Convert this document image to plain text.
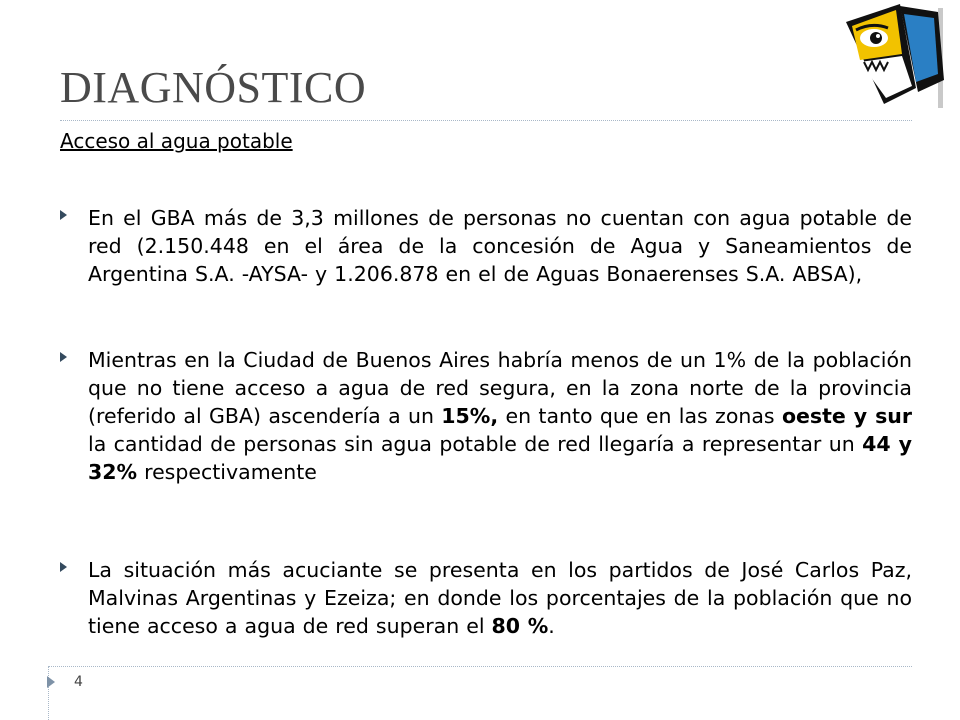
DIAGNÓSTICO

Acceso al agua potable

En el GBA más de 3,3 millones de personas no cuentan con agua potable de red (2.150.448 en el área de la concesión de Agua y Saneamientos de Argentina S.A. -AYSA- y 1.206.878 en el de Aguas Bonaerenses S.A. ABSA),
Mientras en la Ciudad de Buenos Aires habría menos de un 1% de la población que no tiene acceso a agua de red segura, en la zona norte de la provincia (referido al GBA) ascendería a un 15%, en tanto que en las zonas oeste y sur la cantidad de personas sin agua potable de red llegaría a representar un 44 y 32% respectivamente
La situación más acuciante se presenta en los partidos de José Carlos Paz, Malvinas Argentinas y Ezeiza; en donde los porcentajes de la población que no tiene acceso a agua de red superan el 80 %.
4
